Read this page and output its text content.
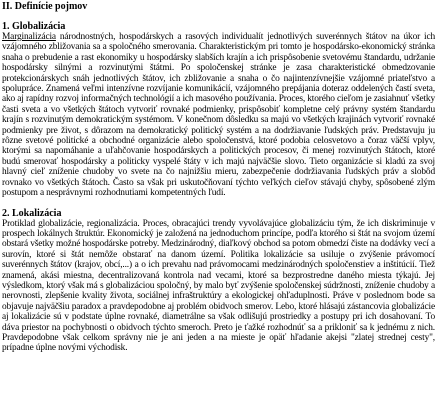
II. Definície pojmov
1. Globalizácia

Marginalizácia národnostných, hospodárskych a rasových individualít jednotlivých suverénnych štátov na úkor ich vzájomného zbližovania sa a spoločného smerovania. Charakteristickým pri tomto je hospodársko-ekonomický stránka snaha o prebudenie a rast ekonomiky u hospodársky slabších krajín a ich prispôsobenie svetovému štandardu, udržanie hospodársky silnými a rozvinutými štátmi. Po spoločenskej stránke je zasa charakteristické obmedzovanie protekcionárskych snáh jednotlivých štátov, ich zbližovanie a snaha o čo najintenzívnejšie vzájomné priateľstvo a spolupráce. Znamená veľmi intenzívne rozvíjanie komunikácií, vzájomného prepájania doteraz oddelených častí sveta, ako aj rapídny rozvoj informačných technológií a ich masového používania. Proces, ktorého cieľom je zasiahnuť všetky časti sveta a vo všetkých štátoch vytvoriť rovnaké podmienky, prispôsobiť kompletne celý právny systém štandardu krajín s rozvinutým demokratickým systémom. V konečnom dôsledku sa majú vo všetkých krajinách vytvoriť rovnaké podmienky pre život, s dôrazom na demokratický politický systém a na dodržiavanie ľudských práv. Predstavuju ju rôzne svetové politické a obchodné organizácie alebo spoločenstvá, ktoré podobia celosvetovo a čoraz väčší vplyv, ktorými sa napomáhanie a uľahčovanie hospodárskych a politických procesov, či menej rozvinutých štátoch, ktoré budú smerovať hospodársky a politicky vyspelé štáty v ich majú najväčšie slovo. Tieto organizácie si kladú za svoj hlavný cieľ zníženie chudoby vo svete na čo najnižšiu mieru, zabezpečenie dodržiavania ľudských práv a slobôd rovnako vo všetkých štátoch. Často sa však pri uskutočňovaní týchto veľkých cieľov stávajú chyby, spôsobené zlým postupom a nesprávnymi rozhodnutiami kompetentných ľudí.

2. Lokalizácia

Protiklad globalizácie, regionalizácia. Proces, obracajúci trendy vyvolávajúce globalizáciu tým, že ich diskriminuje v prospech lokálnych štruktúr. Ekonomický je založená na jednoduchom princípe, podľa ktorého si štát na svojom území obstará všetky možné hospodárske potreby. Medzinárodný, diaľkový obchod sa potom obmedzí čiste na dodávky vecí a surovín, ktoré si štát nemôže obstarať na danom území. Politika lokalizácie sa usiluje o zvýšenie právomocí suverénnych štátov (krajov, obcí,...) a o ich prevahu nad právomocami medzinárodných spoločenstiev a inštitúcií. Tiež znamená, akási miestna, decentralizovaná kontrola nad vecami, ktoré sa bezprostredne daného miesta týkajú. Jej výsledkom, ktorý však má s globalizáciou spoločný, by malo byť zvýšenie spoločenskej súdržnosti, zníženie chudoby a nerovnosti, zlepšenie kvality života, sociálnej infraštruktúry a ekologickej ohľaduplnosti. Práve v poslednom bode sa objavuje najväčšiu paradox a pravdepodobne aj problém obidvoch smerov. Lebo, ktoré hlásajú zástancovia globalizácie aj lokalizácie sú v podstate úplne rovnaké, diametrálne sa však odlišujú prostriedky a postupy pri ich dosahovaní. To dáva priestor na pochybnosti o obidvoch týchto smeroch. Preto je ťažké rozhodnúť sa a prikloniť sa k jednému z nich. Pravdepodobne však celkom správny nie je ani jeden a na mieste je opäť hľadanie akejsi "zlatej strednej cesty", prípadne úplne novými východisk.
